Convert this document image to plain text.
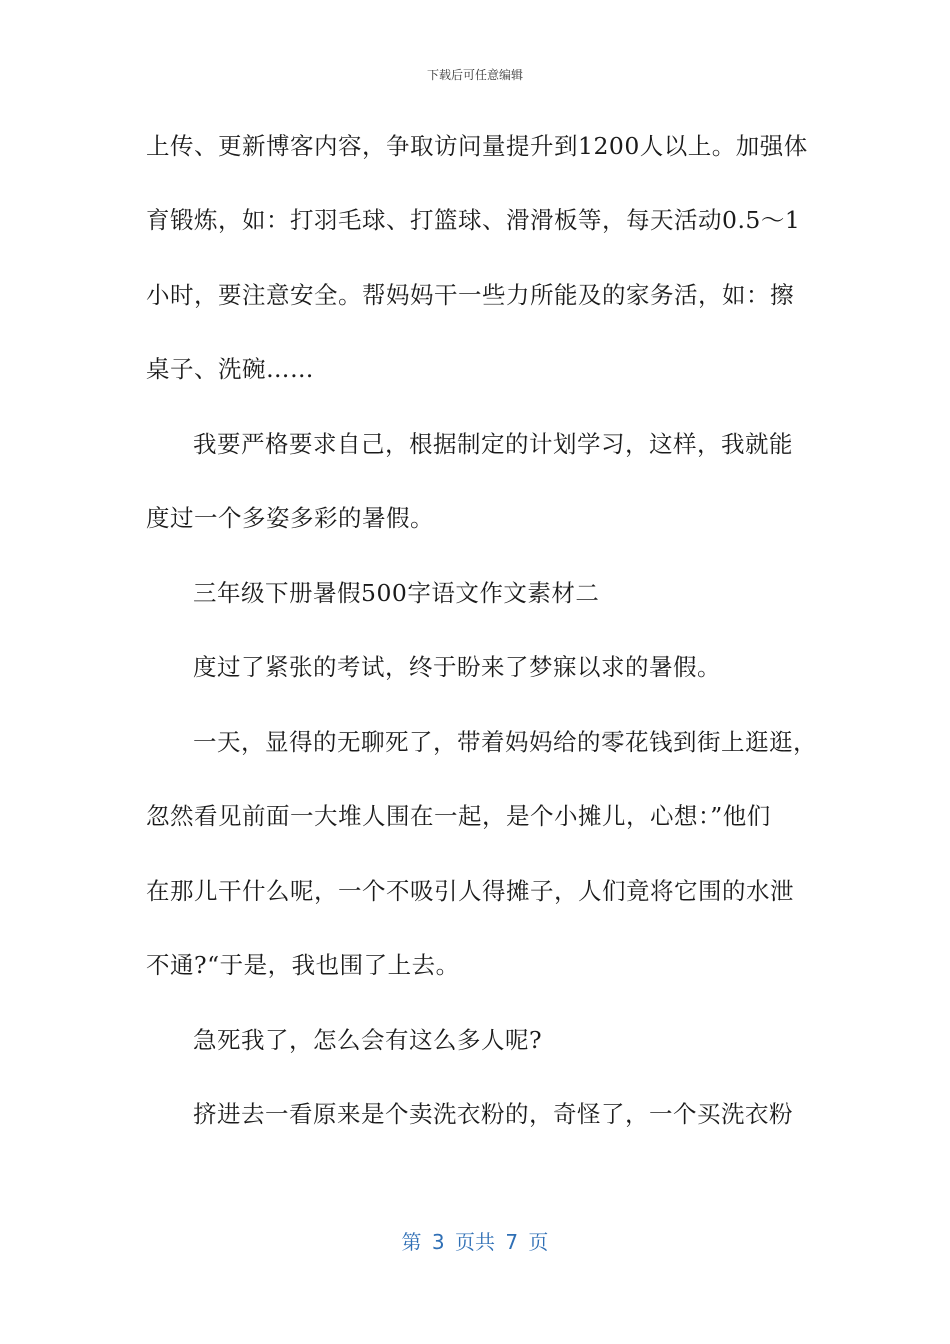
下载后可任意编辑
上传、更新博客内容，争取访问量提升到1200人以上。加强体
育锻炼，如：打羽毛球、打篮球、滑滑板等，每天活动0.5～1
小时，要注意安全。帮妈妈干一些力所能及的家务活，如：擦
桌子、洗碗……
我要严格要求自己，根据制定的计划学习，这样，我就能
度过一个多姿多彩的暑假。
三年级下册暑假500字语文作文素材二
度过了紧张的考试，终于盼来了梦寐以求的暑假。
一天，显得的无聊死了，带着妈妈给的零花钱到街上逛逛，
忽然看见前面一大堆人围在一起，是个小摊儿，心想：”他们
在那儿干什么呢，一个不吸引人得摊子，人们竟将它围的水泄
不通?“于是，我也围了上去。
急死我了，怎么会有这么多人呢?
挤进去一看原来是个卖洗衣粉的，奇怪了，一个买洗衣粉
第 3 页共 7 页
